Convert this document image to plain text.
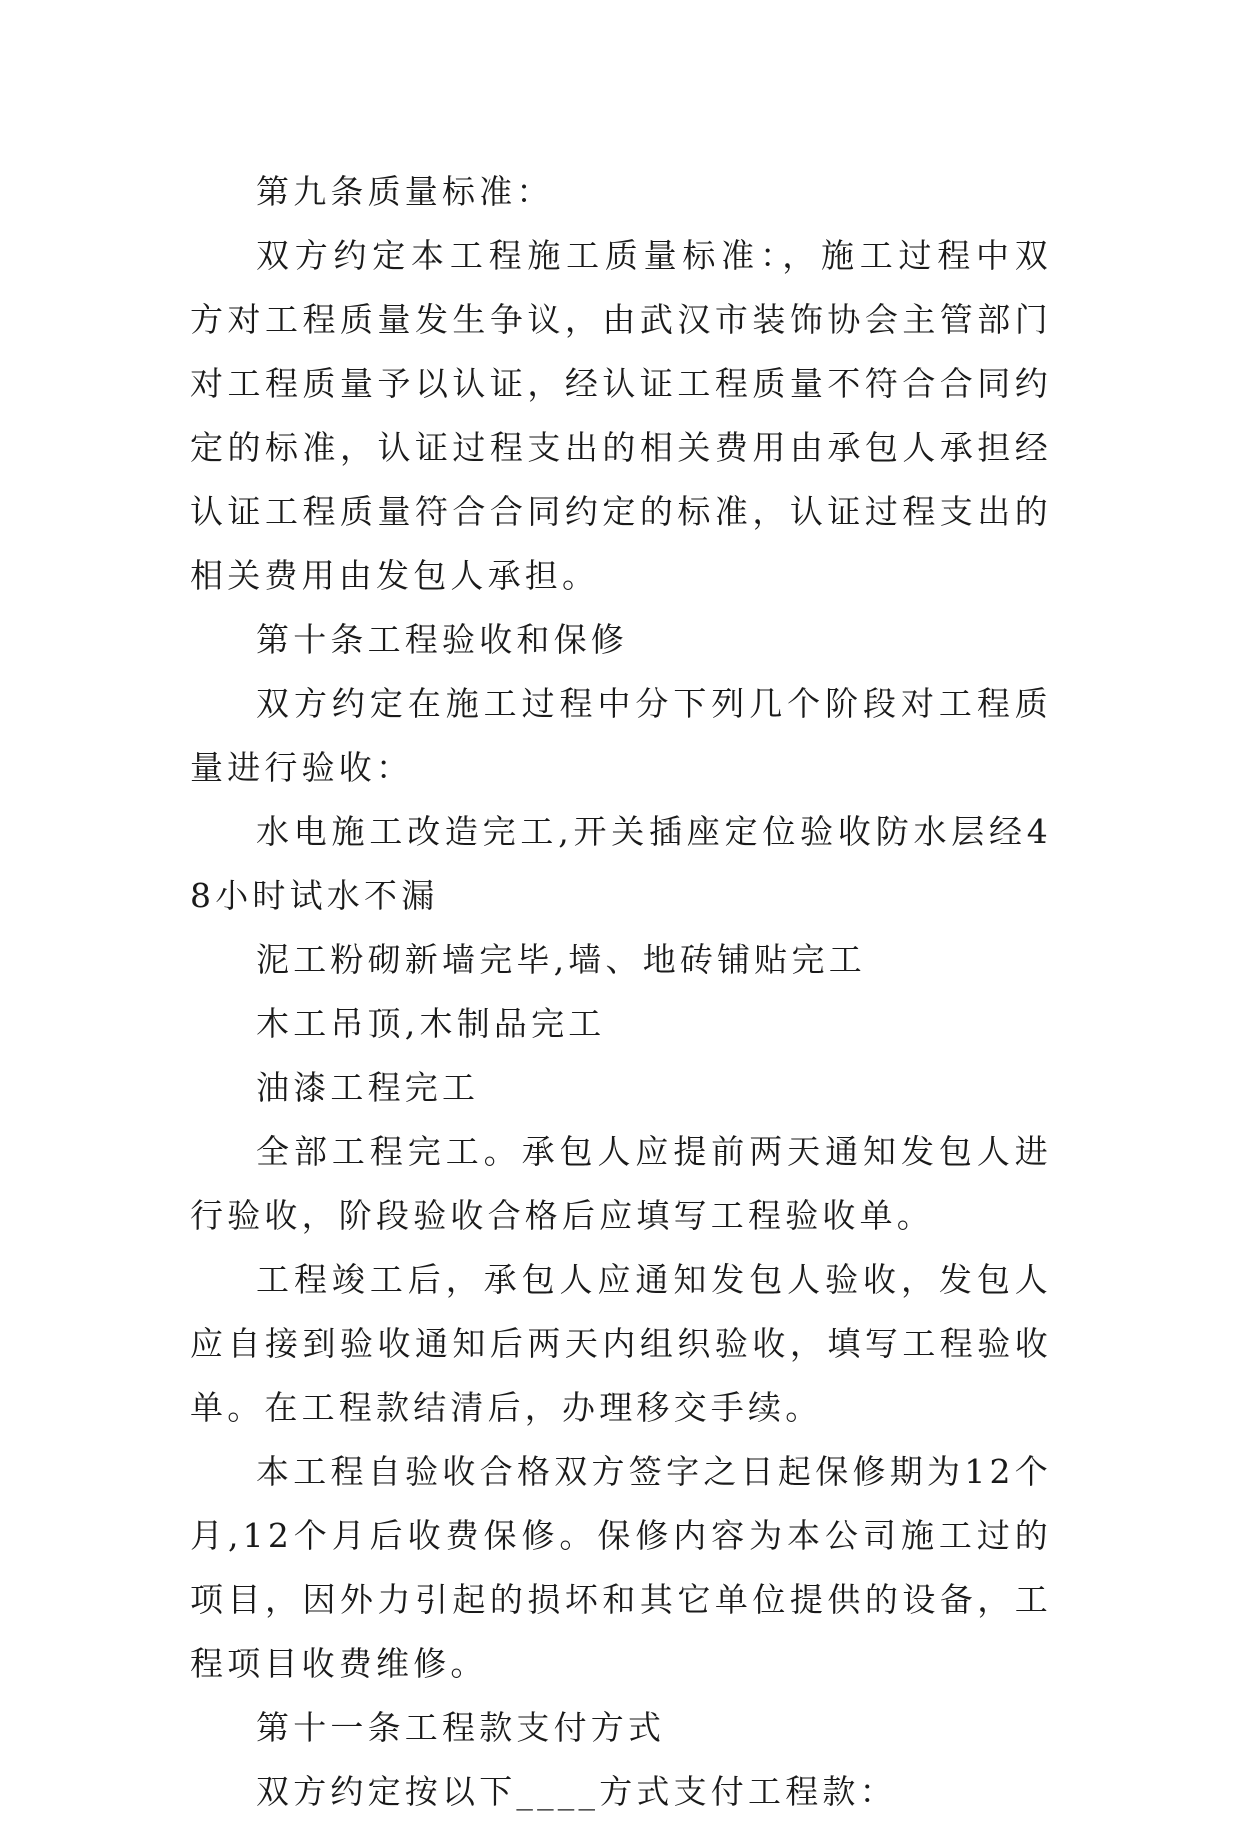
第九条质量标准：

双方约定本工程施工质量标准：，施工过程中双方对工程质量发生争议，由武汉市装饰协会主管部门对工程质量予以认证，经认证工程质量不符合合同约定的标准，认证过程支出的相关费用由承包人承担经认证工程质量符合合同约定的标准，认证过程支出的相关费用由发包人承担。

第十条工程验收和保修

双方约定在施工过程中分下列几个阶段对工程质量进行验收：

水电施工改造完工,开关插座定位验收防水层经48小时试水不漏

泥工粉砌新墙完毕,墙、地砖铺贴完工

木工吊顶,木制品完工

油漆工程完工

全部工程完工。承包人应提前两天通知发包人进行验收，阶段验收合格后应填写工程验收单。

工程竣工后，承包人应通知发包人验收，发包人应自接到验收通知后两天内组织验收，填写工程验收单。在工程款结清后，办理移交手续。

本工程自验收合格双方签字之日起保修期为12个月,12个月后收费保修。保修内容为本公司施工过的项目，因外力引起的损坏和其它单位提供的设备，工程项目收费维修。

第十一条工程款支付方式

双方约定按以下____方式支付工程款：
